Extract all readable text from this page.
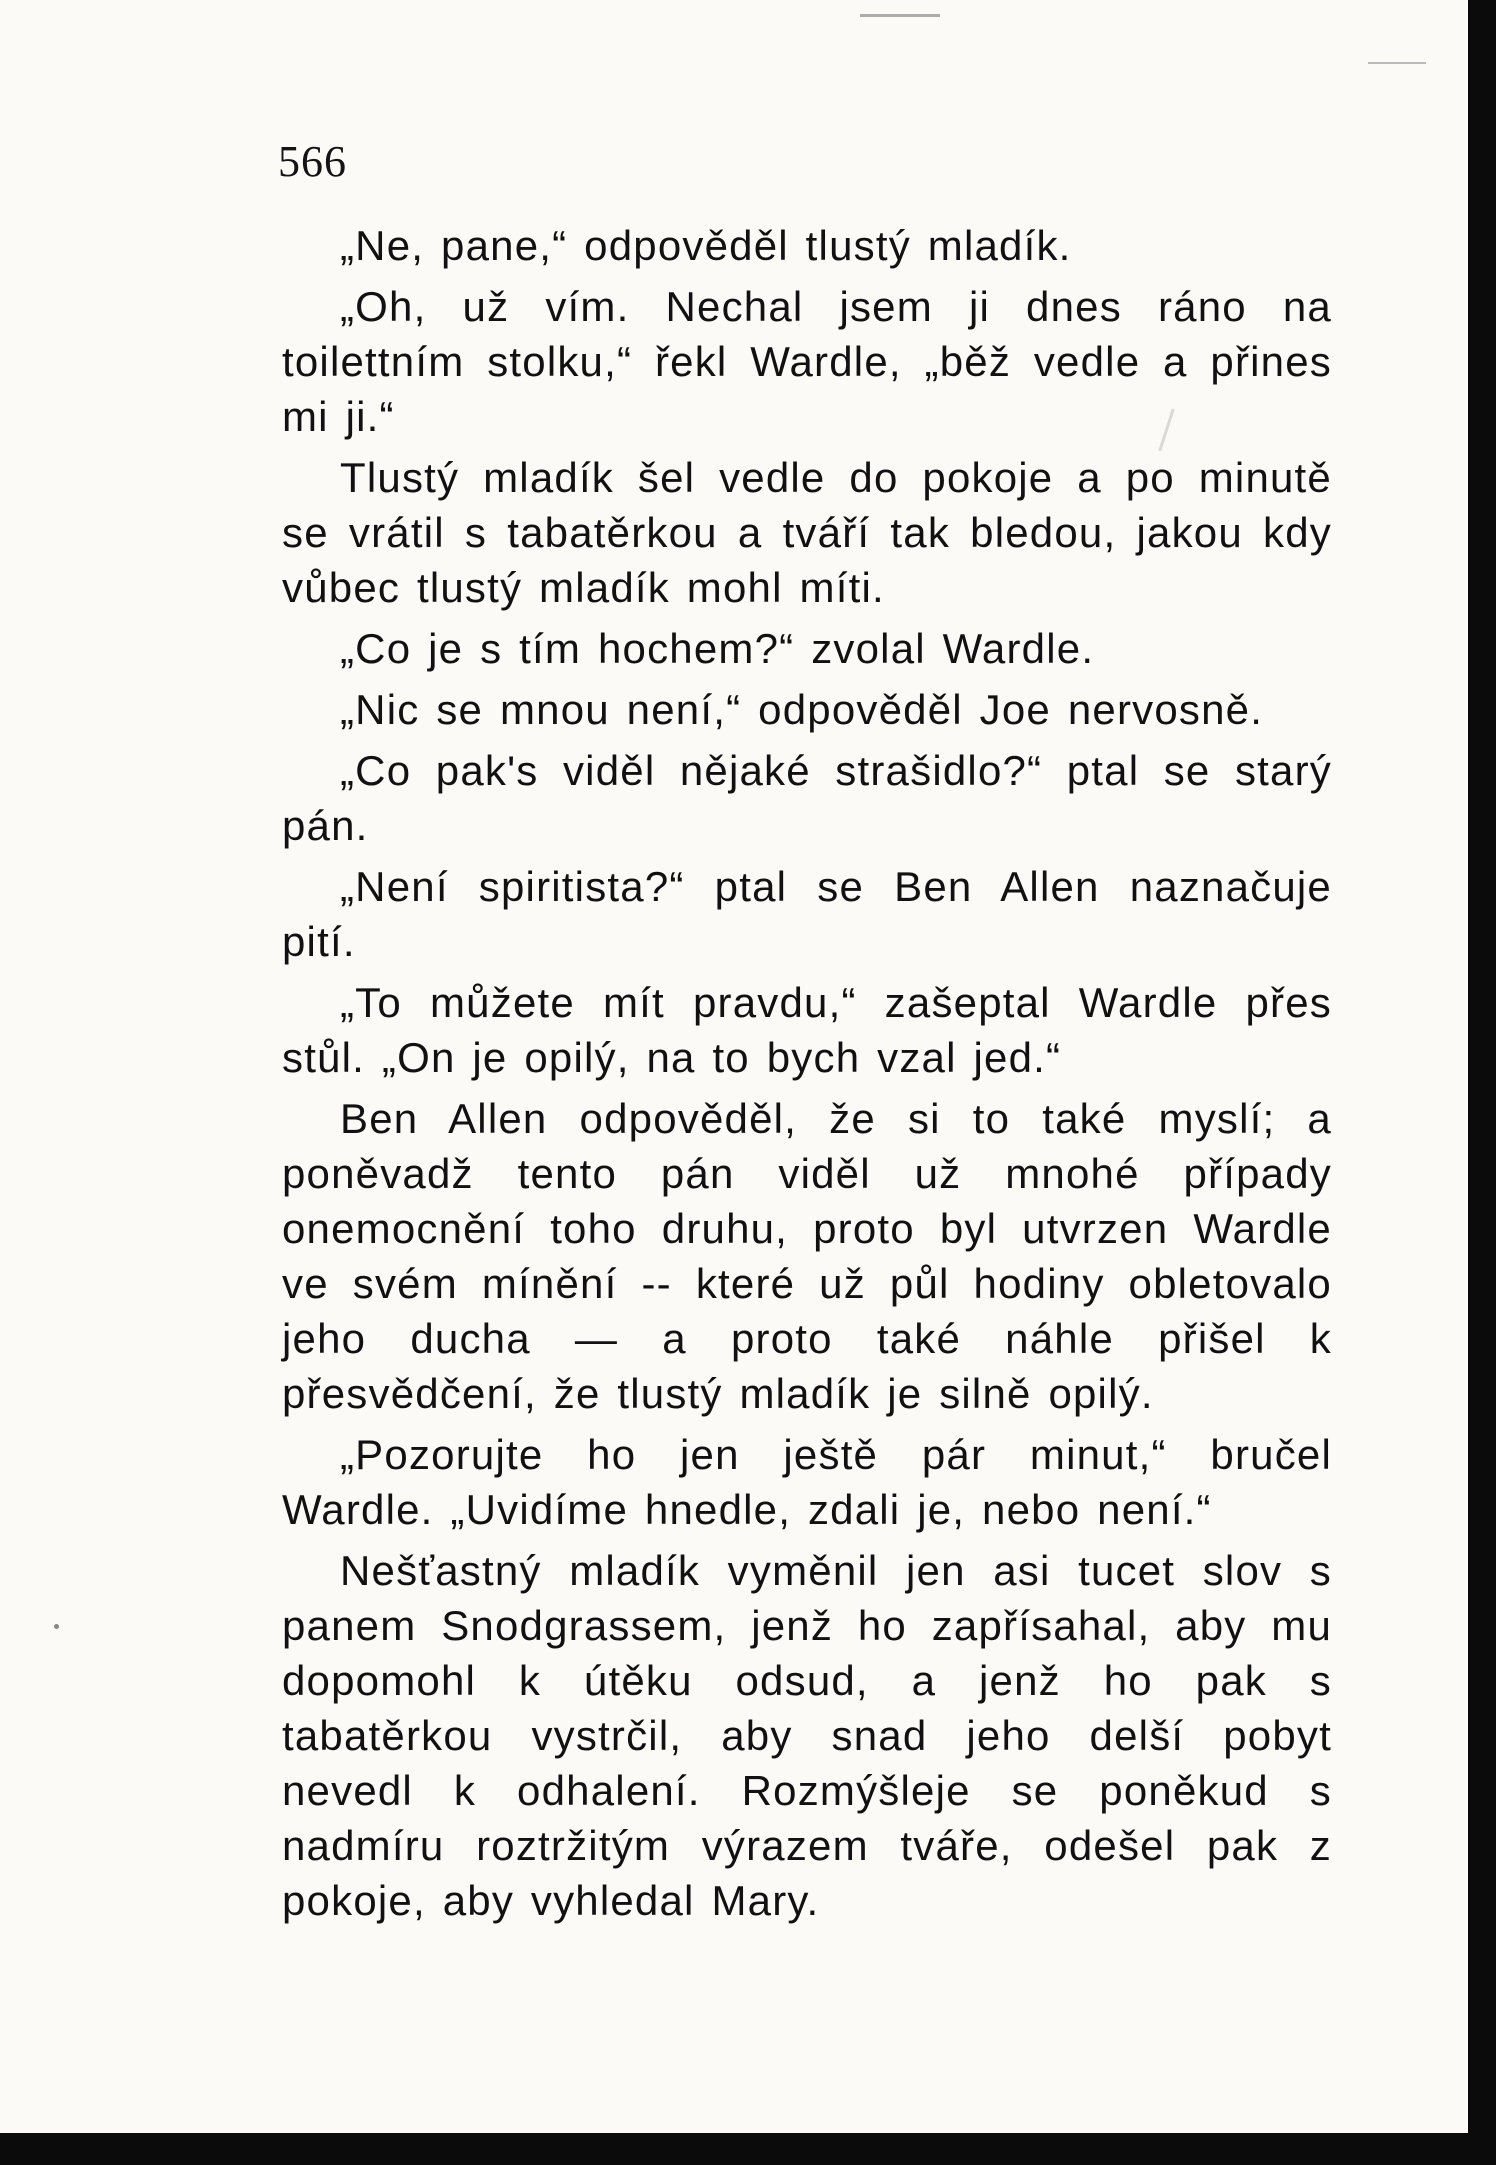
566

„Ne, pane,“ odpověděl tlustý mladík.

„Oh, už vím. Nechal jsem ji dnes ráno na toilettním stolku,“ řekl Wardle, „běž vedle a přines mi ji.“

Tlustý mladík šel vedle do pokoje a po minutě se vrátil s tabatěrkou a tváří tak bledou, jakou kdy vůbec tlustý mladík mohl míti.

„Co je s tím hochem?“ zvolal Wardle.

„Nic se mnou není,“ odpověděl Joe nervosně.

„Co pak's viděl nějaké strašidlo?“ ptal se starý pán.

„Není spiritista?“ ptal se Ben Allen naznačuje pití.

„To můžete mít pravdu,“ zašeptal Wardle přes stůl. „On je opilý, na to bych vzal jed.“

Ben Allen odpověděl, že si to také myslí; a poněvadž tento pán viděl už mnohé případy onemocnění toho druhu, proto byl utvrzen Wardle ve svém mínění -- které už půl hodiny obletovalo jeho ducha — a proto také náhle přišel k přesvědčení, že tlustý mladík je silně opilý.

„Pozorujte ho jen ještě pár minut,“ bručel Wardle. „Uvidíme hnedle, zdali je, nebo není.“

Nešťastný mladík vyměnil jen asi tucet slov s panem Snodgrassem, jenž ho zapřísahal, aby mu dopomohl k útěku odsud, a jenž ho pak s tabatěrkou vystrčil, aby snad jeho delší pobyt nevedl k odhalení. Rozmýšleje se poněkud s nadmíru roztržitým výrazem tváře, odešel pak z pokoje, aby vyhledal Mary.
